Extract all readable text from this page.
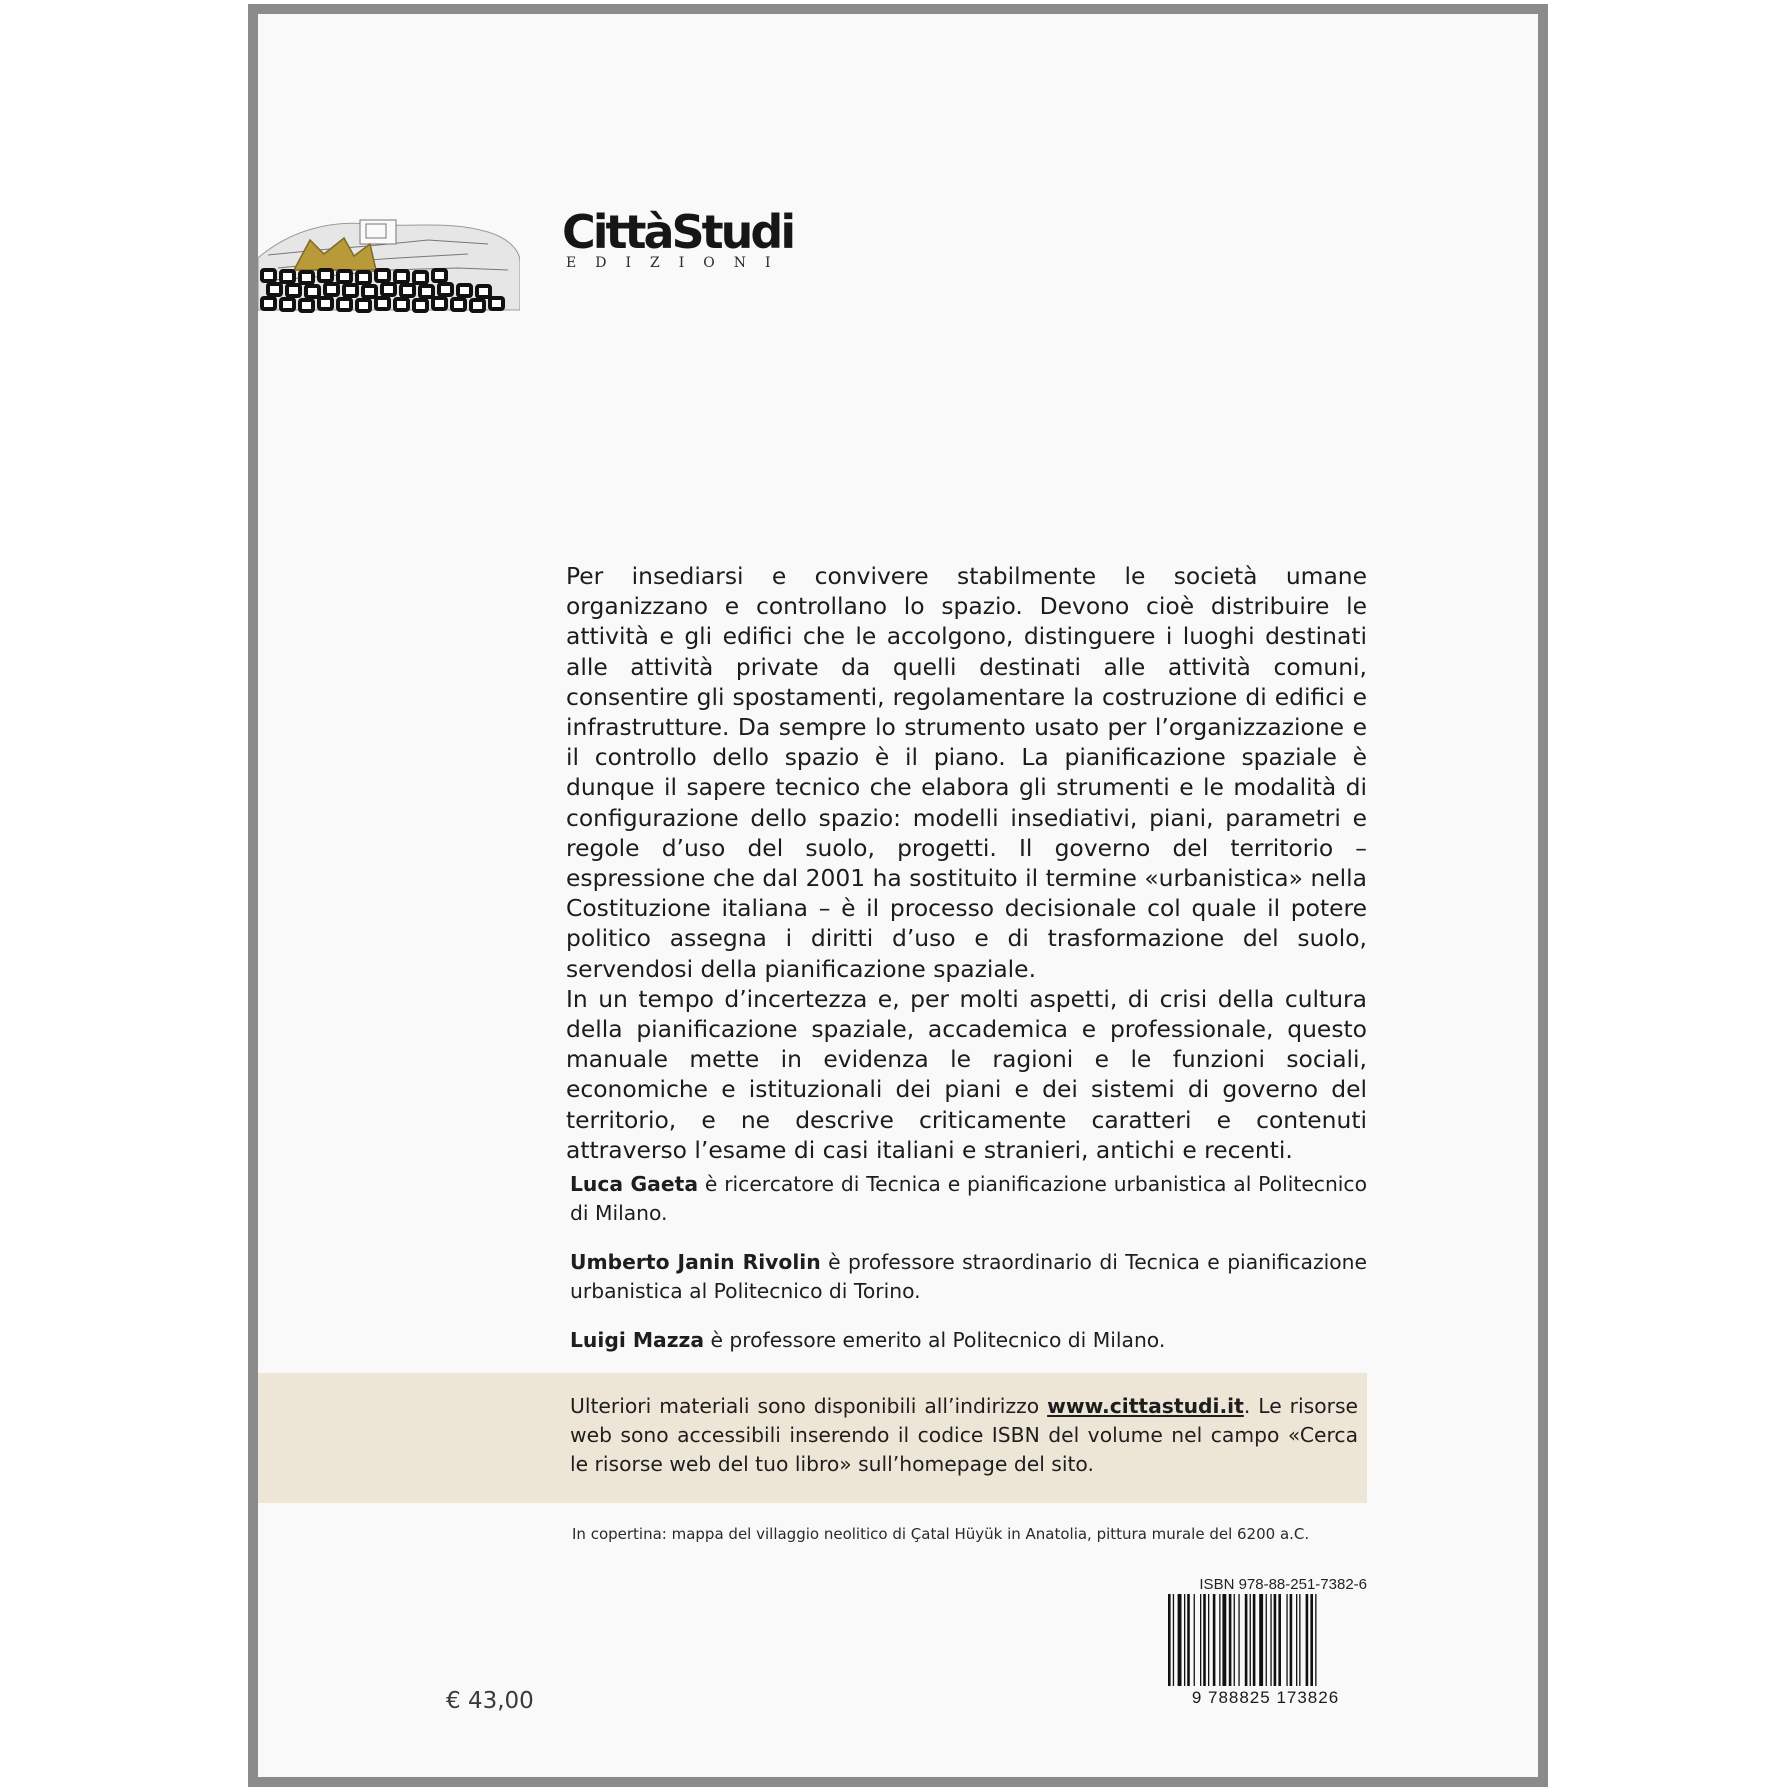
CittàStudi
EDIZIONI

Per insediarsi e convivere stabilmente le società umane organizzano e controllano lo spazio. Devono cioè distribuire le attività e gli edifici che le accolgono, distinguere i luoghi destinati alle attività private da quelli destinati alle attività comuni, consentire gli spostamenti, regolamentare la costruzione di edifici e infrastrutture. Da sempre lo strumento usato per l’organizzazione e il controllo dello spazio è il piano. La pianificazione spaziale è dunque il sapere tecnico che elabora gli strumenti e le modalità di configurazione dello spazio: modelli insediativi, piani, parametri e regole d’uso del suolo, progetti. Il governo del territorio – espressione che dal 2001 ha sostituito il termine «urbanistica» nella Costituzione italiana – è il processo decisionale col quale il potere politico assegna i diritti d’uso e di trasformazione del suolo, servendosi della pianificazione spaziale.

In un tempo d’incertezza e, per molti aspetti, di crisi della cultura della pianificazione spaziale, accademica e professionale, questo manuale mette in evidenza le ragioni e le funzioni sociali, economiche e istituzionali dei piani e dei sistemi di governo del territorio, e ne descrive criticamente caratteri e contenuti attraverso l’esame di casi italiani e stranieri, antichi e recenti.

Luca Gaeta è ricercatore di Tecnica e pianificazione urbanistica al Politecnico di Milano.
Umberto Janin Rivolin è professore straordinario di Tecnica e pianificazione urbanistica al Politecnico di Torino.
Luigi Mazza è professore emerito al Politecnico di Milano.
Ulteriori materiali sono disponibili all’indirizzo www.cittastudi.it. Le risorse web sono accessibili inserendo il codice ISBN del volume nel campo «Cerca le risorse web del tuo libro» sull’homepage del sito.
In copertina: mappa del villaggio neolitico di Çatal Hüyük in Anatolia, pittura murale del 6200 a.C.
ISBN 978-88-251-7382-6
9 788825 173826
€ 43,00
